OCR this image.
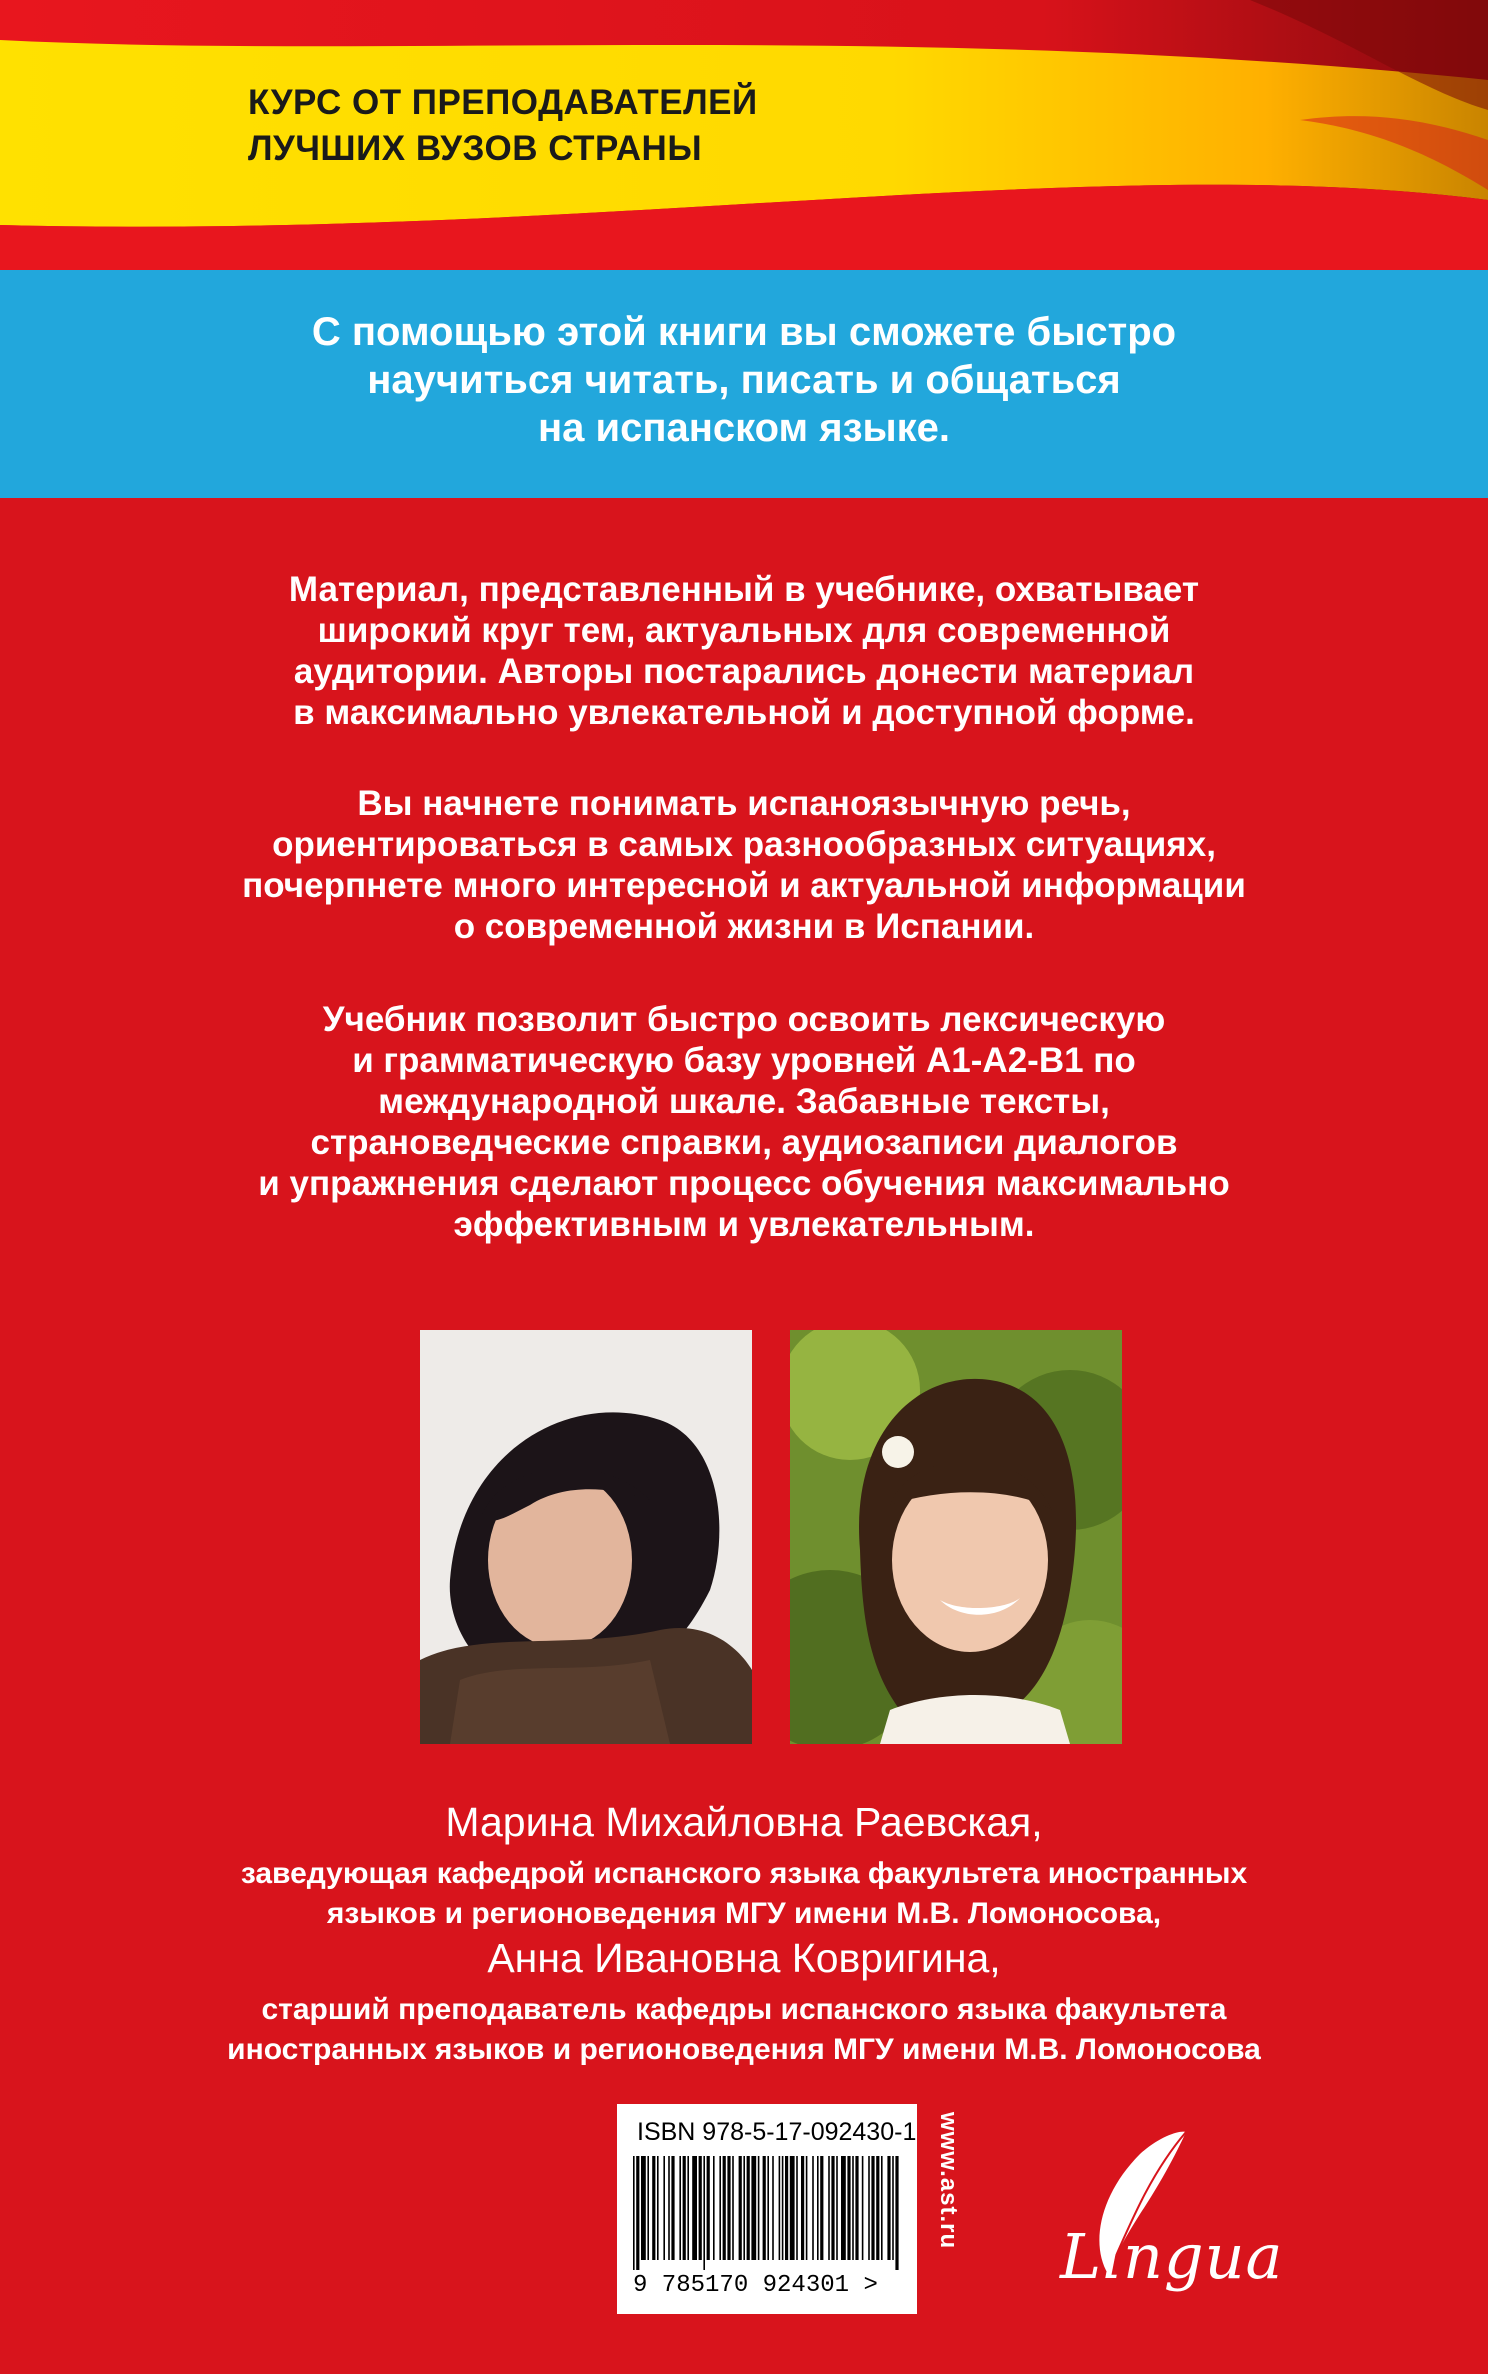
КУРС ОТ ПРЕПОДАВАТЕЛЕЙ
ЛУЧШИХ ВУЗОВ СТРАНЫ
С помощью этой книги вы сможете быстро
научиться читать, писать и общаться
на испанском языке.
Материал, представленный в учебнике, охватывает
широкий круг тем, актуальных для современной
аудитории. Авторы постарались донести материал
в максимально увлекательной и доступной форме.
Вы начнете понимать испаноязычную речь,
ориентироваться в самых разнообразных ситуациях,
почерпнете много интересной и актуальной информации
о современной жизни в Испании.
Учебник позволит быстро освоить лексическую
и грамматическую базу уровней A1-A2-B1 по
международной шкале. Забавные тексты,
страноведческие справки, аудиозаписи диалогов
и упражнения сделают процесс обучения максимально
эффективным и увлекательным.
Марина Михайловна Раевская,
заведующая кафедрой испанского языка факультета иностранных
языков и регионоведения МГУ имени М.В. Ломоносова,
Анна Ивановна Ковригина,
старший преподаватель кафедры испанского языка факультета
иностранных языков и регионоведения МГУ имени М.В. Ломоносова
ISBN 978-5-17-092430-1
9 785170 924301 >
www.ast.ru
Lingua
